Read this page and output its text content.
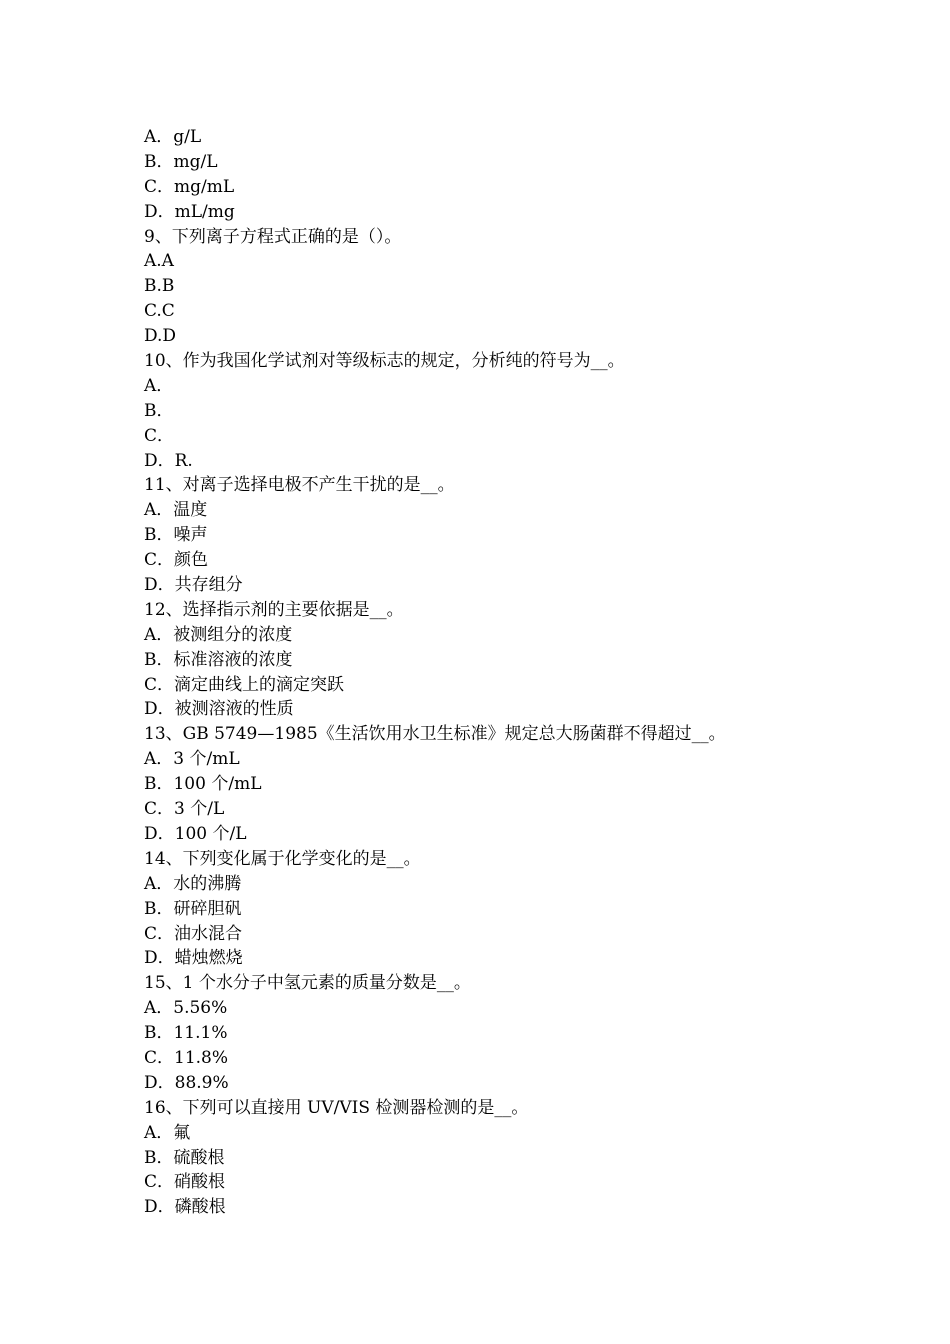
A．g/L
B．mg/L
C．mg/mL
D．mL/mg
9、下列离子方程式正确的是（）。
A.A
B.B
C.C
D.D
10、作为我国化学试剂对等级标志的规定，分析纯的符号为__。
A．
B．
C．
D．R.
11、对离子选择电极不产生干扰的是__。
A．温度
B．噪声
C．颜色
D．共存组分
12、选择指示剂的主要依据是__。
A．被测组分的浓度
B．标准溶液的浓度
C．滴定曲线上的滴定突跃
D．被测溶液的性质
13、GB 5749—1985《生活饮用水卫生标准》规定总大肠菌群不得超过__。
A．3 个/mL
B．100 个/mL
C．3 个/L
D．100 个/L
14、下列变化属于化学变化的是__。
A．水的沸腾
B．研碎胆矾
C．油水混合
D．蜡烛燃烧
15、1 个水分子中氢元素的质量分数是__。
A．5.56%
B．11.1%
C．11.8%
D．88.9%
16、下列可以直接用 UV/VIS 检测器检测的是__。
A．氟
B．硫酸根
C．硝酸根
D．磷酸根
